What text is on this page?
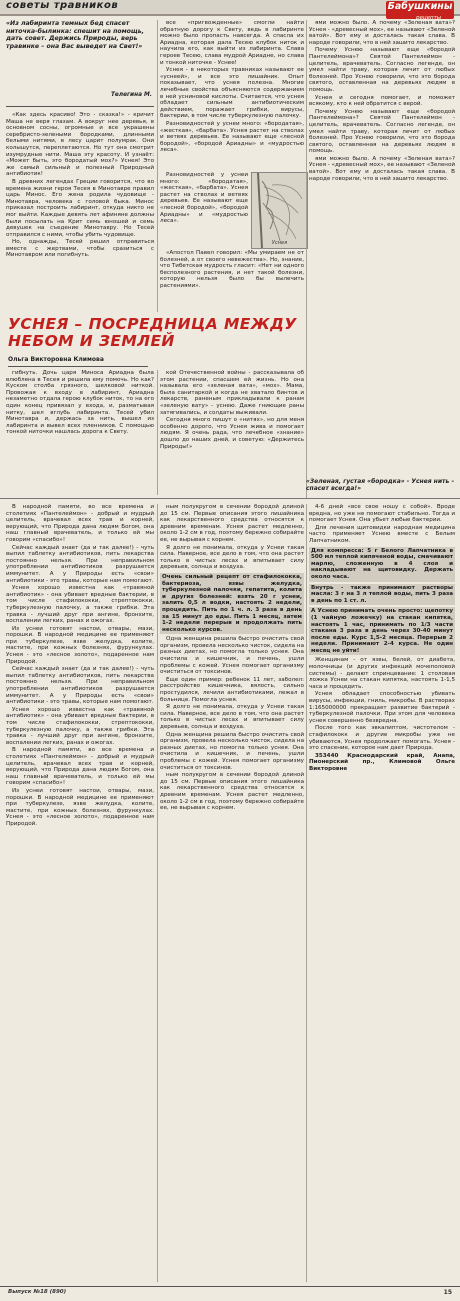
советы травников	Бабушкины
рецепты
«Из лабиринта темных бед спасет ниточка-былинка: спешит на помощь, дать совет. Держись Природы, верь травинке – она Вас выведет на Свет!»
Телегина М.

«Как здесь красиво! Это - сказка!» - кричит Маша не веря глазам. А вокруг нее деревья, в основном сосны, огромные и все украшены серебристо-зелеными бородками, длинными белыми нитями, в лесу царит полумрак. Они колышутся, переплетаются. Но тут она смотрит изумрудные нити. Маша эту красоту. И узнаёт: «Может быть, это бородатый мох?» Уснея! Это же самый сильный и полезный Природный антибиотик!

В древних легендах Греции говорится, что во времена жизни героя Тесея в Минотавре правил царь Минос. Его жена родила чудовище - Минотавра, человека с головой быка. Минос приказал построить лабиринт, откуда никто не мог выйти. Каждые девять лет афиняне должны были посылать на Крит семь юношей и семь девушек на съедение Минотавру. Но Тесей отправился с ними, чтобы убить чудовище.

Но, однажды, Тесей решил отправиться вместе с жертвами, чтобы сразиться с Минотавром или погибнуть.

все «пригвожденные» смогли найти обратную дорогу к Свету, ведь в лабиринте можно было пропасть навсегда. А спасла их Ариадна, которая дала Тесею клубок ниток и научила его, как выйти из лабиринта. Слава героев Тесею, слава мудрой Ариадне, но слава и тонкой ниточке - Уснее!

Уснея - в некоторых травниках называют ее «уснеей», и все это лишайник. Опыт показывает, что уснея полезна. Многие лечебные свойства объясняются содержанием в ней усниновой кислоты. Считается, что уснея обладает сильным антибиотическим действием, поражает грибки, вирусы, бактерии, в том числе туберкулезную палочку.

Разновидностей у уснеи много: «бородатая», «жесткая», «барбата». Уснея растет на стволах и ветвях деревьев. Ее называют еще «лесной бородой», «бородой Ариадны» и «мудростью леса».

Разновидностей у уснеи много: «бородатая», «жесткая», «барбата». Уснея растет на стволах и ветвях деревьев. Ее называют еще «лесной бородой», «бородой Ариадны» и «мудростью леса».

Уснея

«Апостол Павел говорил: «Мы умираем не от болезней, а от своего невежества». Но, знание, что Тибетская мудрость гласит: «Нет ни одного бесполезного растения, и нет такой болезни, которую нельзя было бы вылечить растениями».

ями можно было. А почему «Зеленая вата»? Уснея - «древесный мох», ее называют «Зеленой ватой». Вот ему и досталась такая слава. В народе говорили, что в ней зашито лекарство.

Почему Уснею называют еще «бородой Пантелеймона»? Святой Пантелеймон - целитель, врачеватель. Согласно легенде, он умел найти траву, которая лечит от любых болезней. Про Уснею говорили, что это борода святого, оставленная на деревьях людям в помощь.

Уснея и сегодня помогает, и поможет всякому, кто к ней обратится с верой.

Почему Уснею называют еще «бородой Пантелеймона»? Святой Пантелеймон - целитель, врачеватель. Согласно легенде, он умел найти траву, которая лечит от любых болезней. Про Уснею говорили, что это борода святого, оставленная на деревьях людям в помощь.

ями можно было. А почему «Зеленая вата»? Уснея - «древесный мох», ее называют «Зеленой ватой». Вот ему и досталась такая слава. В народе говорили, что в ней зашито лекарство.

УСНЕЯ – ПОСРЕДНИЦА МЕЖДУ НЕБОМ И ЗЕМЛЕЙ
Ольга Викторовна Климова

гибнуть. Дочь царя Миноса Ариадна была влюблена в Тесея и решила ему помочь. Но как? Куском столба грязного, шелковой ниткой. Провожая к входу в лабиринт, Ариадна незаметно отдала герою клубок ниток, то на его один конец привязал у входа, и, разматывая нитку, шел вглубь лабиринта. Тесей убил Минотавра и, держась за нить, вышел из лабиринта и вывел всех пленников. С помощью тонкой ниточки нашлась дорога к Свету.

кой Отечественной войны - рассказывала об этом растении, спасшем ей жизнь. Но она называла его «зеленая вата», «мох». Мама, была санитаркой и когда не хватало бинтов и лекарств, раненым прикладывали к ранам «зеленую вату» - уснею. Даже гниющие раны затягивались, и солдаты выживали.

Сегодня много пишут о «нитях», но для меня особенно дорого, что Уснея жива и помогает людям. Я очень рада, что лечебное «знание» дошло до наших дней, и советую: «Держитесь Природы!»

«Зеленая, густая «бородка» - Уснея нить – спасет всегда!»

В народной памяти, во все времена и столетиях «Пантелеймон» - добрый и мудрый целитель, врачевал всех трав и корней, верующий, что Природа дана людям Богом, она наш главный врачеватель, и только ей мы говорим «спасибо»!

Сейчас каждый знает (да и так далее!) - чуть выпил таблетку антибиотиков, пить лекарства постоянно нельзя. При неправильном употреблении антибиотиков разрушается иммунитет. А у Природы есть «свои» антибиотики - это травы, которые нам помогают.

Уснея хорошо известна как «травяной антибиотик» - она убивает вредные бактерии, в том числе стафилококки, стрептококки, туберкулезную палочку, а также грибки. Эта травка - лучший друг при ангине, бронхите, воспалении легких, ранах и ожогах.

Из уснеи готовят настои, отвары, мази, порошки. В народной медицине ее применяют при туберкулезе, язве желудка, колите, мастите, при кожных болезнях, фурункулах. Уснея - это «лесное золото», подаренное нам Природой.

Сейчас каждый знает (да и так далее!) - чуть выпил таблетку антибиотиков, пить лекарства постоянно нельзя. При неправильном употреблении антибиотиков разрушается иммунитет. А у Природы есть «свои» антибиотики - это травы, которые нам помогают.

Уснея хорошо известна как «травяной антибиотик» - она убивает вредные бактерии, в том числе стафилококки, стрептококки, туберкулезную палочку, а также грибки. Эта травка - лучший друг при ангине, бронхите, воспалении легких, ранах и ожогах.

В народной памяти, во все времена и столетиях «Пантелеймон» - добрый и мудрый целитель, врачевал всех трав и корней, верующий, что Природа дана людям Богом, она наш главный врачеватель, и только ей мы говорим «спасибо»!

Из уснеи готовят настои, отвары, мази, порошки. В народной медицине ее применяют при туберкулезе, язве желудка, колите, мастите, при кожных болезнях, фурункулах. Уснея - это «лесное золото», подаренное нам Природой.

ным полукругом в сечении бородой длиной до 15 см. Первые описания этого лишайника как лекарственного средства относятся к древним временам. Уснея растет медленно, около 1-2 см в год, поэтому бережно собирайте ее, не вырывая с корнем.

Я долго не понимала, откуда у Уснеи такая сила. Наверное, все дело в том, что она растет только в чистых лесах и впитывает силу деревьев, солнца и воздуха.

Очень сильный рецепт от стафилококка, бактериоза, язвы желудка, туберкулезной палочки, гепатита, колита и других болезней: взять 20 г уснеи, залить 0,5 л водки, настоять 2 недели, процедить. Пить по 1 ч. л. 3 раза в день за 15 минут до еды. Пить 1 месяц, затем 1-2 недели перерыв и продолжать пить несколько курсов.

Одна женщина решила быстро очистить свой организм, провела несколько чисток, сидела на разных диетах, но помогла только уснея. Она очистила и кишечник, и печень, ушли проблемы с кожей. Уснея помогает организму очиститься от токсинов.

Еще один пример: ребенок 11 лет, заболел: расстройство кишечника, вялость, сильно простудился, лечили антибиотиками, лежал в больнице. Помогла уснея.

Я долго не понимала, откуда у Уснеи такая сила. Наверное, все дело в том, что она растет только в чистых лесах и впитывает силу деревьев, солнца и воздуха.

Одна женщина решила быстро очистить свой организм, провела несколько чисток, сидела на разных диетах, но помогла только уснея. Она очистила и кишечник, и печень, ушли проблемы с кожей. Уснея помогает организму очиститься от токсинов.

ным полукругом в сечении бородой длиной до 15 см. Первые описания этого лишайника как лекарственного средства относятся к древним временам. Уснея растет медленно, около 1-2 см в год, поэтому бережно собирайте ее, не вырывая с корнем.

4-6 дней «все свое ношу с собой». Вроде вредна, но уже не помогают стабильно. Тогда и помогает Уснея. Она убьет любые бактерии.

Для лечения щитовидки народная медицина часто применяет Уснею вместе с Белым Лапчатником.

Для компресса: 5 г Белого Лапчатника в 500 мл теплой кипяченой воды, смачивают марлю, сложенную в 4 слоя и накладывают на щитовидку. Держать около часа.
Внутрь - также принимают растворы масла: 3 г на 3 л теплой воды, пить 3 раза в день по 1 ст. л.
А Уснею принимать очень просто: щепотку (1 чайную ложечку) на стакан кипятка, настоять 1 час, принимать по 1/3 части стакана 3 раза в день через 30-40 минут после еды. Курс 1,5-2 месяца. Перерыв 2 недели. Принимают 2-4 курса. Не один месяц не уйти!

Женщинам - от язвы, белей, от диабета, молочницы (и других инфекций мочеполовой системы) - делают спринцевание: 1 столовая ложка Уснеи на стакан кипятка, настоять 1-1,5 часа и процедить.

Уснея обладает способностью убивать вирусы, инфекции, гниль, микробы. В растворах 1:165000000 прекращает развитие бактерий - туберкулезной палочки. При этом для человека уснея совершенно безвредна.

После того как эвкалиптом, чистотелом - стафилококк и другие микробы уже не убиваются, Уснея продолжает помогать. Уснея - это спасение, которое нам дает Природа.

353440 Краснодарский край, Анапа, Пионерский пр., Климовой Ольге Викторовне

Выпуск №18 (890)	15
